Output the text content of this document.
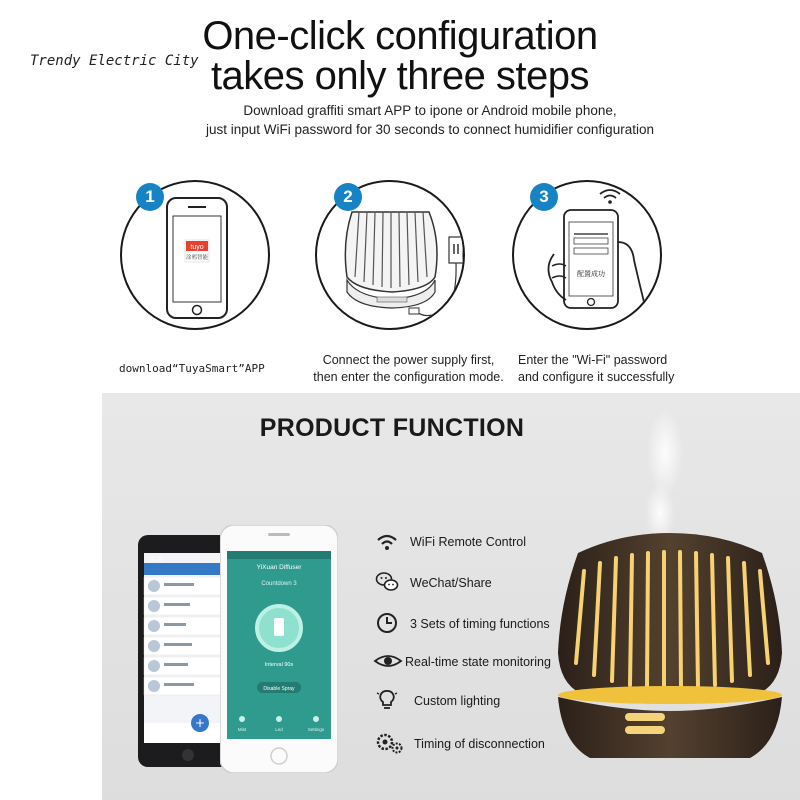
Trendy Electric City
One-click configuration
takes only three steps
Download graffiti smart APP to ipone or Android mobile phone,
just input WiFi password for 30 seconds to connect humidifier configuration
tuyo
涂鸦智能
1	2
配置成功
3
download“TuyaSmart”APP
Connect the power supply first,
then enter the configuration mode.
Enter the "Wi-Fi" password
and configure it successfully
PRODUCT FUNCTION
19:30
+
YiXuan Diffuser
Countdown 3
Interval 90s
Disable Spray
Mist	Led	Settings
WiFi Remote Control
WeChat/Share
3 Sets of timing functions
Real-time state monitoring
Custom lighting
Timing of disconnection
